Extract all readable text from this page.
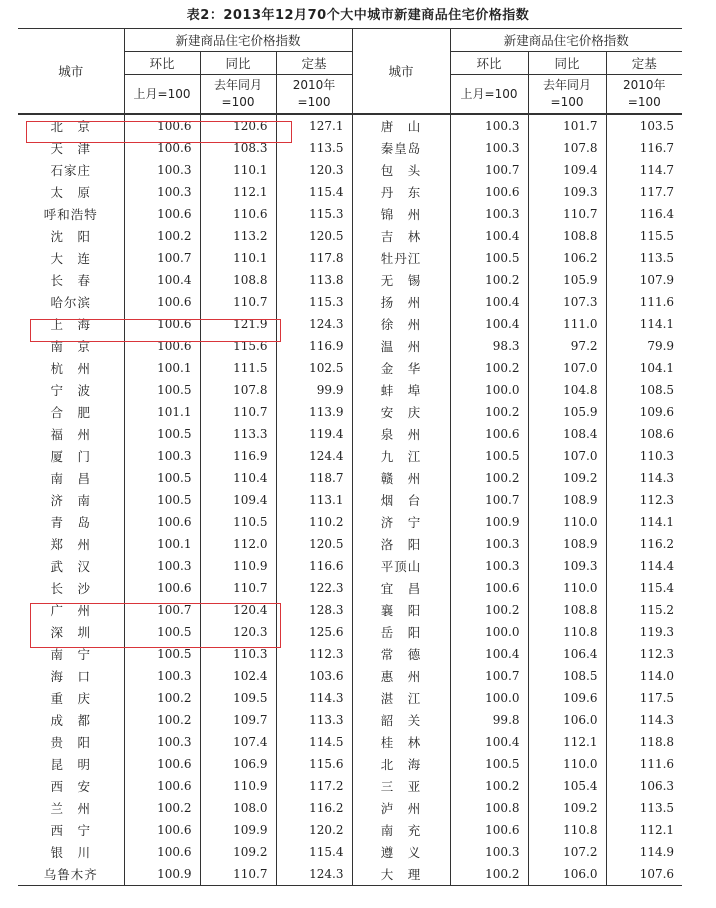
表2：2013年12月70个大中城市新建商品住宅价格指数
城市	新建商品住宅价格指数			城市	新建商品住宅价格指数		
	环比	同比	定基		环比	同比	定基
	上月=100	去年同月=100	2010年=100		上月=100	去年同月=100	2010年=100
北　京	100.6	120.6	127.1	唐　山	100.3	101.7	103.5
天　津	100.6	108.3	113.5	秦皇岛	100.3	107.8	116.7
石家庄	100.3	110.1	120.3	包　头	100.7	109.4	114.7
太　原	100.3	112.1	115.4	丹　东	100.6	109.3	117.7
呼和浩特	100.6	110.6	115.3	锦　州	100.3	110.7	116.4
沈　阳	100.2	113.2	120.5	吉　林	100.4	108.8	115.5
大　连	100.7	110.1	117.8	牡丹江	100.5	106.2	113.5
长　春	100.4	108.8	113.8	无　锡	100.2	105.9	107.9
哈尔滨	100.6	110.7	115.3	扬　州	100.4	107.3	111.6
上　海	100.6	121.9	124.3	徐　州	100.4	111.0	114.1
南　京	100.6	115.6	116.9	温　州	98.3	97.2	79.9
杭　州	100.1	111.5	102.5	金　华	100.2	107.0	104.1
宁　波	100.5	107.8	99.9	蚌　埠	100.0	104.8	108.5
合　肥	101.1	110.7	113.9	安　庆	100.2	105.9	109.6
福　州	100.5	113.3	119.4	泉　州	100.6	108.4	108.6
厦　门	100.3	116.9	124.4	九　江	100.5	107.0	110.3
南　昌	100.5	110.4	118.7	赣　州	100.2	109.2	114.3
济　南	100.5	109.4	113.1	烟　台	100.7	108.9	112.3
青　岛	100.6	110.5	110.2	济　宁	100.9	110.0	114.1
郑　州	100.1	112.0	120.5	洛　阳	100.3	108.9	116.2
武　汉	100.3	110.9	116.6	平顶山	100.3	109.3	114.4
长　沙	100.6	110.7	122.3	宜　昌	100.6	110.0	115.4
广　州	100.7	120.4	128.3	襄　阳	100.2	108.8	115.2
深　圳	100.5	120.3	125.6	岳　阳	100.0	110.8	119.3
南　宁	100.5	110.3	112.3	常　德	100.4	106.4	112.3
海　口	100.3	102.4	103.6	惠　州	100.7	108.5	114.0
重　庆	100.2	109.5	114.3	湛　江	100.0	109.6	117.5
成　都	100.2	109.7	113.3	韶　关	99.8	106.0	114.3
贵　阳	100.3	107.4	114.5	桂　林	100.4	112.1	118.8
昆　明	100.6	106.9	115.6	北　海	100.5	110.0	111.6
西　安	100.6	110.9	117.2	三　亚	100.2	105.4	106.3
兰　州	100.2	108.0	116.2	泸　州	100.8	109.2	113.5
西　宁	100.6	109.9	120.2	南　充	100.6	110.8	112.1
银　川	100.6	109.2	115.4	遵　义	100.3	107.2	114.9
乌鲁木齐	100.9	110.7	124.3	大　理	100.2	106.0	107.6
